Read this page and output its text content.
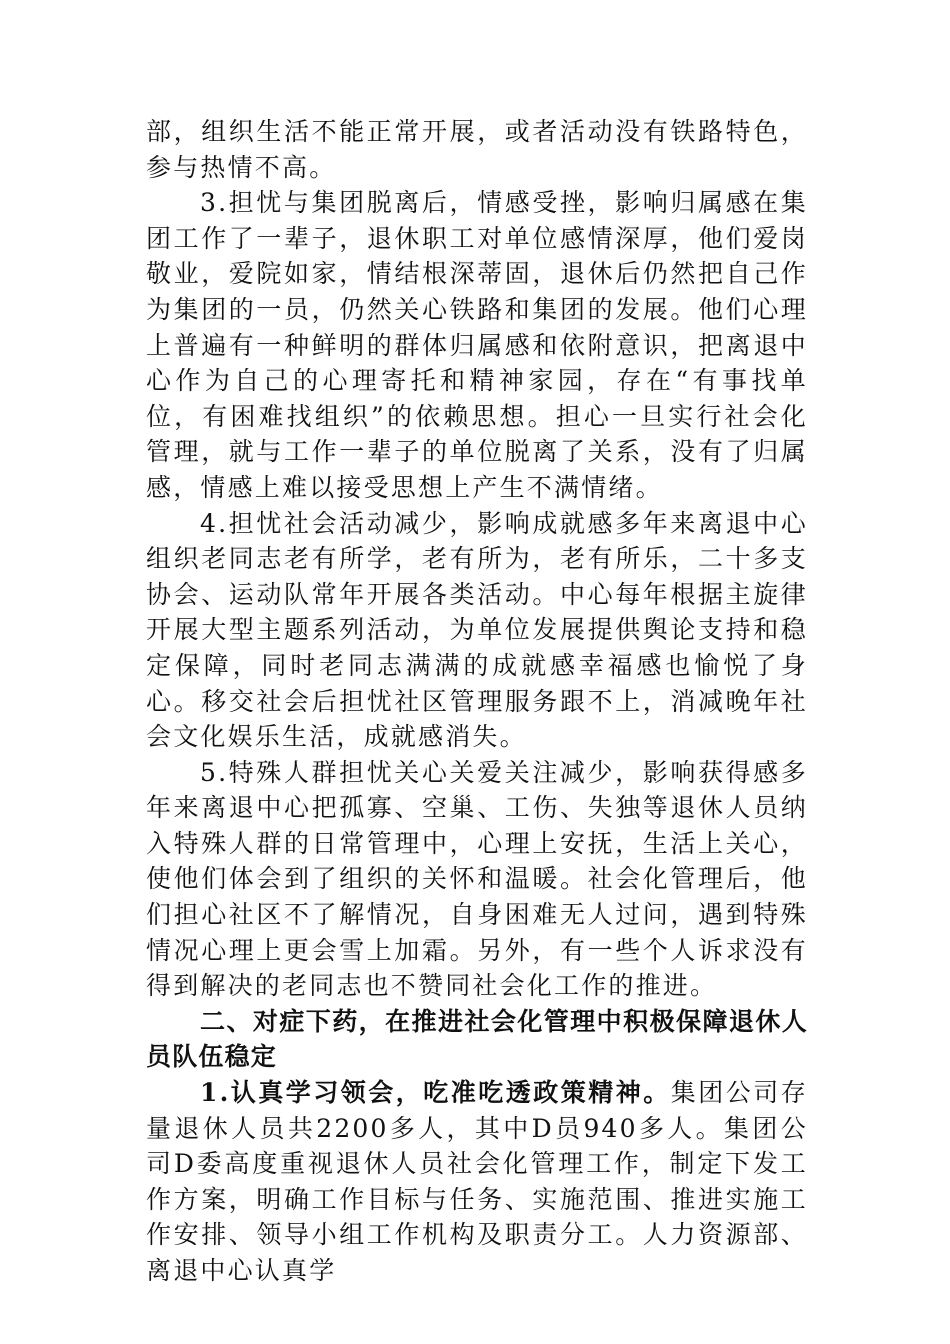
部，组织生活不能正常开展，或者活动没有铁路特色，参与热情不高。

3.担忧与集团脱离后，情感受挫，影响归属感在集团工作了一辈子，退休职工对单位感情深厚，他们爱岗敬业，爱院如家，情结根深蒂固，退休后仍然把自己作为集团的一员，仍然关心铁路和集团的发展。他们心理上普遍有一种鲜明的群体归属感和依附意识，把离退中心作为自己的心理寄托和精神家园，存在“有事找单位，有困难找组织”的依赖思想。担心一旦实行社会化管理，就与工作一辈子的单位脱离了关系，没有了归属感，情感上难以接受思想上产生不满情绪。

4.担忧社会活动减少，影响成就感多年来离退中心组织老同志老有所学，老有所为，老有所乐，二十多支协会、运动队常年开展各类活动。中心每年根据主旋律开展大型主题系列活动，为单位发展提供舆论支持和稳定保障，同时老同志满满的成就感幸福感也愉悦了身心。移交社会后担忧社区管理服务跟不上，消减晚年社会文化娱乐生活，成就感消失。

5.特殊人群担忧关心关爱关注减少，影响获得感多年来离退中心把孤寡、空巢、工伤、失独等退休人员纳入特殊人群的日常管理中，心理上安抚，生活上关心，使他们体会到了组织的关怀和温暖。社会化管理后，他们担心社区不了解情况，自身困难无人过问，遇到特殊情况心理上更会雪上加霜。另外，有一些个人诉求没有得到解决的老同志也不赞同社会化工作的推进。

二、对症下药，在推进社会化管理中积极保障退休人员队伍稳定

1.认真学习领会，吃准吃透政策精神。集团公司存量退休人员共2200多人，其中D员940多人。集团公司D委高度重视退休人员社会化管理工作，制定下发工作方案，明确工作目标与任务、实施范围、推进实施工作安排、领导小组工作机构及职责分工。人力资源部、离退中心认真学
